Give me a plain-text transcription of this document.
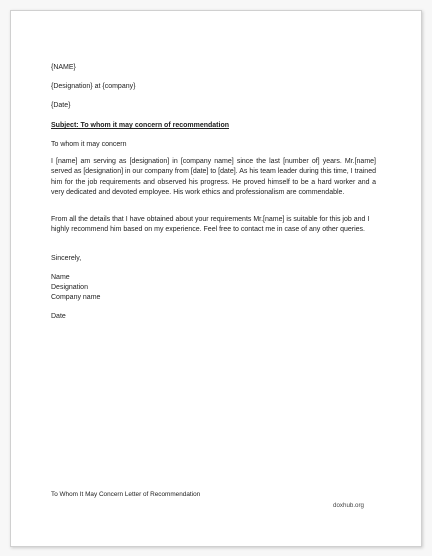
{NAME}
{Designation} at {company}
{Date}
Subject: To whom it may concern of recommendation
To whom it may concern
I [name] am serving as [designation] in [company name] since the last [number of] years. Mr.[name] served as [designation] in our company from [date] to [date]. As his team leader during this time, I trained him for the job requirements and observed his progress. He proved himself to be a hard worker and a very dedicated and devoted employee. His work ethics and professionalism are commendable.
From all the details that I have obtained about your requirements Mr.[name] is suitable for this job and I highly recommend him based on my experience. Feel free to contact me in case of any other queries.
Sincerely,
Name
Designation
Company name
Date
To Whom It May Concern Letter of Recommendation
doxhub.org
